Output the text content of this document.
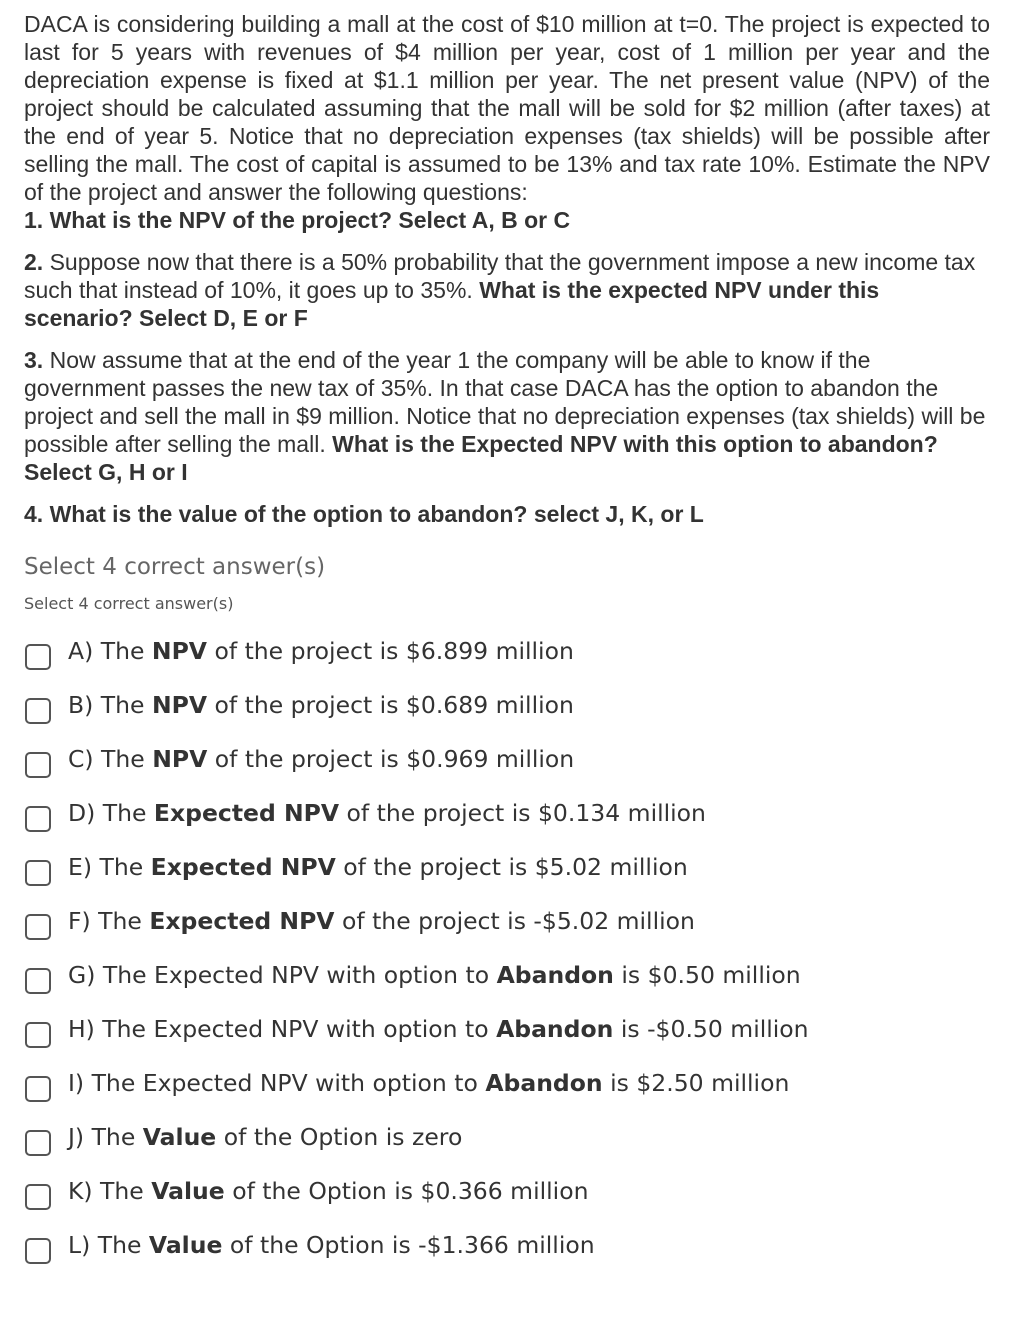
DACA is considering building a mall at the cost of $10 million at t=0. The project is expected to last for 5 years with revenues of $4 million per year, cost of 1 million per year and the depreciation expense is fixed at $1.1 million per year. The net present value (NPV) of the project should be calculated assuming that the mall will be sold for $2 million (after taxes) at the end of year 5. Notice that no depreciation expenses (tax shields) will be possible after selling the mall. The cost of capital is assumed to be 13% and tax rate 10%. Estimate the NPV of the project and answer the following questions:

1. What is the NPV of the project? Select A, B or C

2. Suppose now that there is a 50% probability that the government impose a new income tax such that instead of 10%, it goes up to 35%. What is the expected NPV under this scenario? Select D, E or F

3. Now assume that at the end of the year 1 the company will be able to know if the government passes the new tax of 35%. In that case DACA has the option to abandon the project and sell the mall in $9 million. Notice that no depreciation expenses (tax shields) will be possible after selling the mall. What is the Expected NPV with this option to abandon? Select G, H or I

4. What is the value of the option to abandon? select J, K, or L

Select 4 correct answer(s)
Select 4 correct answer(s)
A) The NPV of the project is $6.899 million
B) The NPV of the project is $0.689 million
C) The NPV of the project is $0.969 million
D) The Expected NPV of the project is $0.134 million
E) The Expected NPV of the project is $5.02 million
F) The Expected NPV of the project is -$5.02 million
G) The Expected NPV with option to Abandon is $0.50 million
H) The Expected NPV with option to Abandon is -$0.50 million
I) The Expected NPV with option to Abandon is $2.50 million
J) The Value of the Option is zero
K) The Value of the Option is $0.366 million
L) The Value of the Option is -$1.366 million
